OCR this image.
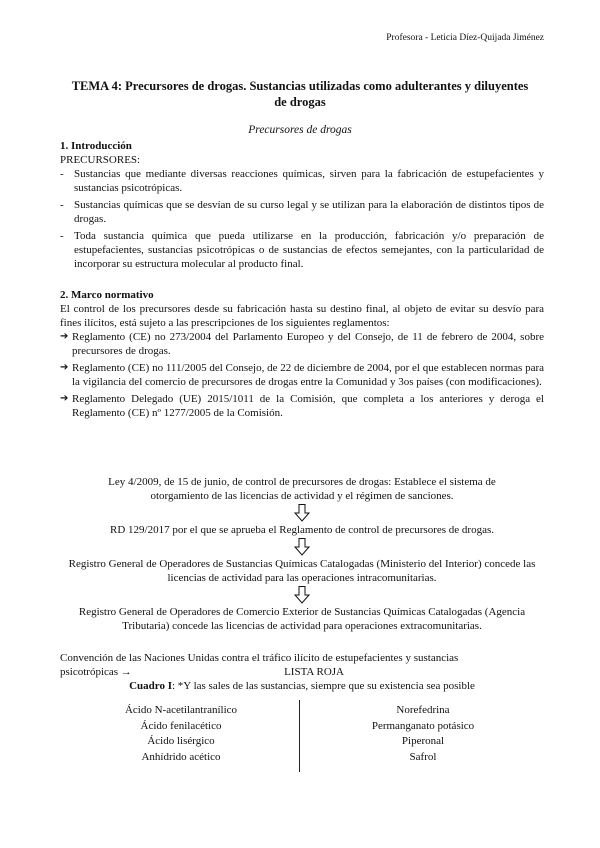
Profesora - Leticia Díez-Quijada Jiménez
TEMA 4: Precursores de drogas. Sustancias utilizadas como adulterantes y diluyentes de drogas
Precursores de drogas

1. Introducción

PRECURSORES:

- Sustancias que mediante diversas reacciones químicas, sirven para la fabricación de estupefacientes y sustancias psicotrópicas.
- Sustancias químicas que se desvían de su curso legal y se utilizan para la elaboración de distintos tipos de drogas.
- Toda sustancia química que pueda utilizarse en la producción, fabricación y/o preparación de estupefacientes, sustancias psicotrópicas o de sustancias de efectos semejantes, con la particularidad de incorporar su estructura molecular al producto final.

2. Marco normativo

El control de los precursores desde su fabricación hasta su destino final, al objeto de evitar su desvío para fines ilícitos, está sujeto a las prescripciones de los siguientes reglamentos:

➔ Reglamento (CE) no 273/2004 del Parlamento Europeo y del Consejo, de 11 de febrero de 2004, sobre precursores de drogas.
➔ Reglamento (CE) no 111/2005 del Consejo, de 22 de diciembre de 2004, por el que establecen normas para la vigilancia del comercio de precursores de drogas entre la Comunidad y 3os países (con modificaciones).
➔ Reglamento Delegado (UE) 2015/1011 de la Comisión, que completa a los anteriores y deroga el Reglamento (CE) nº 1277/2005 de la Comisión.

Ley 4/2009, de 15 de junio, de control de precursores de drogas: Establece el sistema de otorgamiento de las licencias de actividad y el régimen de sanciones.

RD 129/2017 por el que se aprueba el Reglamento de control de precursores de drogas.

Registro General de Operadores de Sustancias Químicas Catalogadas (Ministerio del Interior) concede las licencias de actividad para las operaciones intracomunitarias.

Registro General de Operadores de Comercio Exterior de Sustancias Químicas Catalogadas (Agencia Tributaria) concede las licencias de actividad para operaciones extracomunitarias.

Convención de las Naciones Unidas contra el tráfico ilícito de estupefacientes y sustancias
psicotrópicas →	LISTA ROJA
Cuadro I: *Y las sales de las sustancias, siempre que su existencia sea posible
Ácido N-acetilantranílico
Ácido fenilacético
Ácido lisérgico
Anhídrido acético
Norefedrina
Permanganato potásico
Piperonal
Safrol
